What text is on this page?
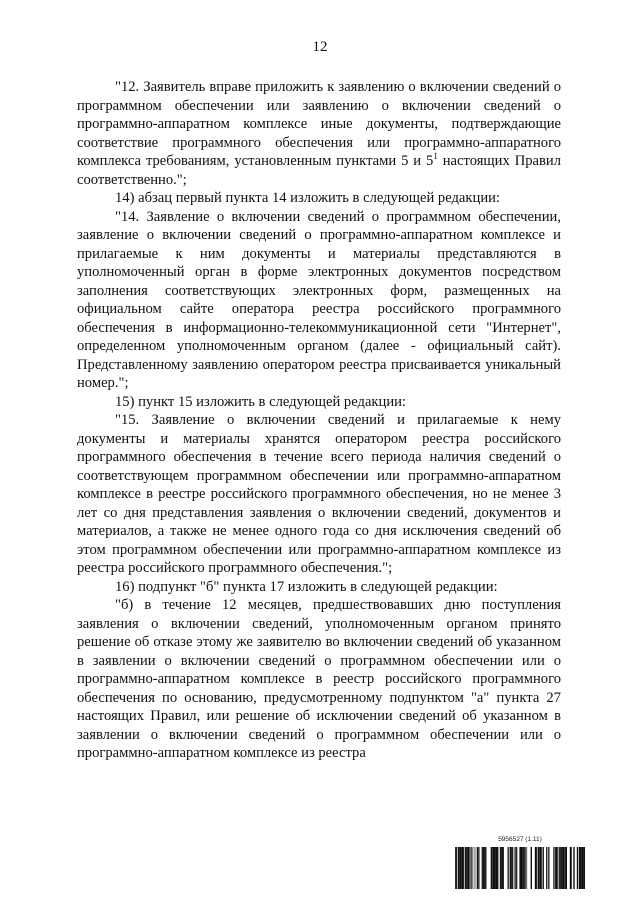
12

"12. Заявитель вправе приложить к заявлению о включении сведений о программном обеспечении или заявлению о включении сведений о программно-аппаратном комплексе иные документы, подтверждающие соответствие программного обеспечения или программно-аппаратного комплекса требованиям, установленным пунктами 5 и $5^1$ настоящих Правил соответственно.";

14) абзац первый пункта 14 изложить в следующей редакции:

"14. Заявление о включении сведений о программном обеспечении, заявление о включении сведений о программно-аппаратном комплексе и прилагаемые к ним документы и материалы представляются в уполномоченный орган в форме электронных документов посредством заполнения соответствующих электронных форм, размещенных на официальном сайте оператора реестра российского программного обеспечения в информационно-телекоммуникационной сети "Интернет", определенном уполномоченным органом (далее - официальный сайт). Представленному заявлению оператором реестра присваивается уникальный номер.";

15) пункт 15 изложить в следующей редакции:

"15. Заявление о включении сведений и прилагаемые к нему документы и материалы хранятся оператором реестра российского программного обеспечения в течение всего периода наличия сведений о соответствующем программном обеспечении или программно-аппаратном комплексе в реестре российского программного обеспечения, но не менее 3 лет со дня представления заявления о включении сведений, документов и материалов, а также не менее одного года со дня исключения сведений об этом программном обеспечении или программно-аппаратном комплексе из реестра российского программного обеспечения.";

16) подпункт "б" пункта 17 изложить в следующей редакции:

"б) в течение 12 месяцев, предшествовавших дню поступления заявления о включении сведений, уполномоченным органом принято решение об отказе этому же заявителю во включении сведений об указанном в заявлении о включении сведений о программном обеспечении или о программно-аппаратном комплексе в реестр российского программного обеспечения по основанию, предусмотренному подпунктом "а" пункта 27 настоящих Правил, или решение об исключении сведений об указанном в заявлении о включении сведений о программном обеспечении или о программно-аппаратном комплексе из реестра

5956527 (1.11)
